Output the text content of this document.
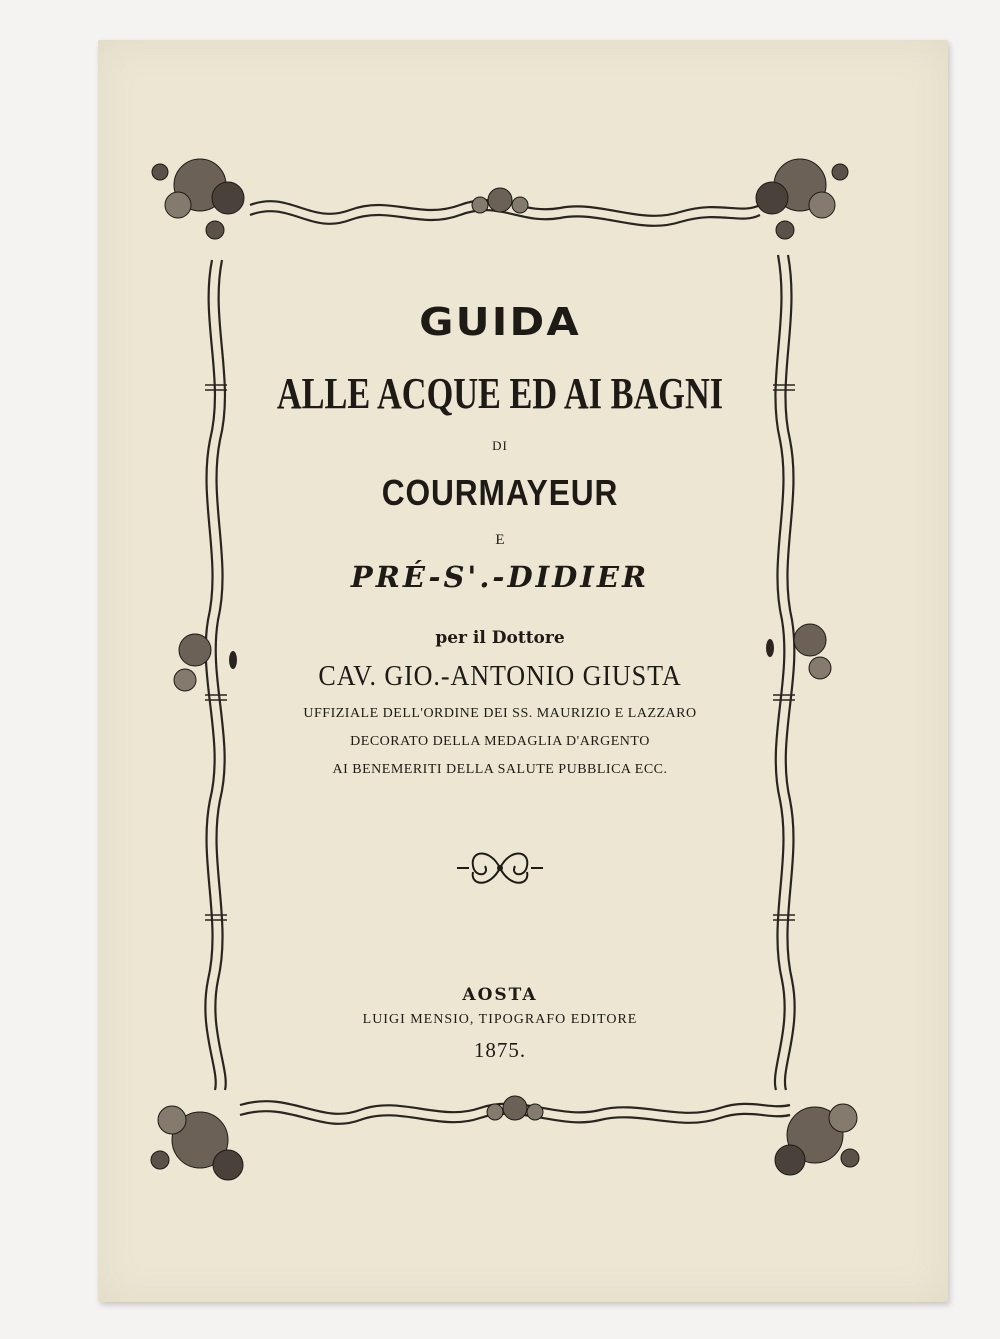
GUIDA
ALLE ACQUE ED AI BAGNI
DI
COURMAYEUR
E
PRÉ-S'.-DIDIER
per il Dottore
CAV. GIO.-ANTONIO GIUSTA
UFFIZIALE DELL'ORDINE DEI SS. MAURIZIO E LAZZARO
DECORATO DELLA MEDAGLIA D'ARGENTO
AI BENEMERITI DELLA SALUTE PUBBLICA ECC.
AOSTA
LUIGI MENSIO, TIPOGRAFO EDITORE
1875.
